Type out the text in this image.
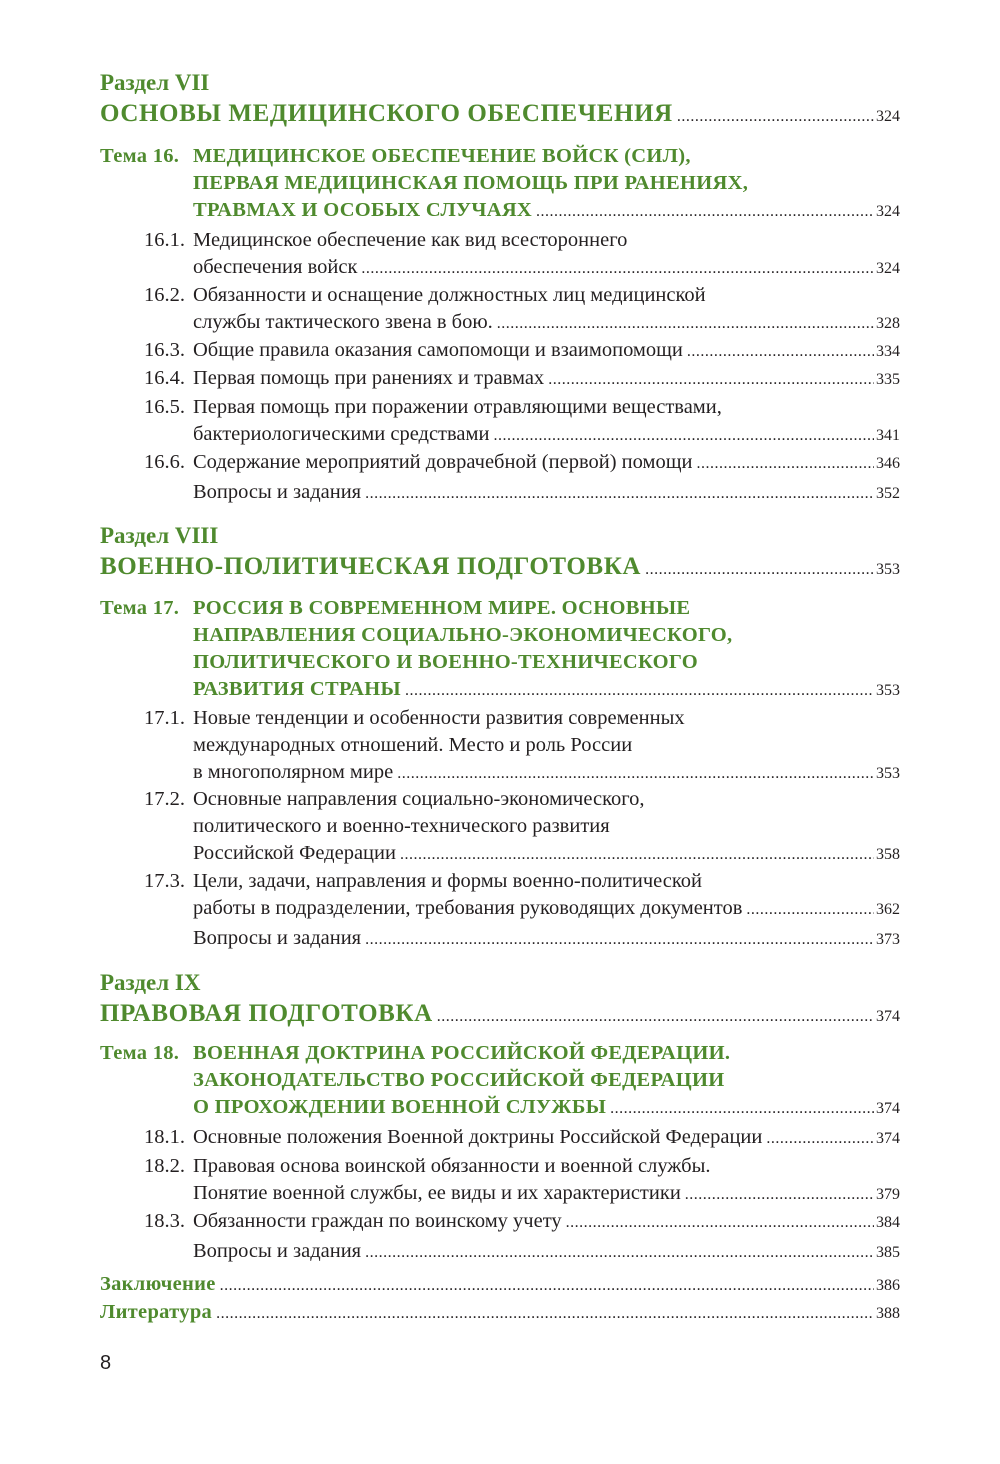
Раздел VII
ОСНОВЫ МЕДИЦИНСКОГО ОБЕСПЕЧЕНИЯ .....	324
Тема 16. МЕДИЦИНСКОЕ ОБЕСПЕЧЕНИЕ ВОЙСК (СИЛ),
ПЕРВАЯ МЕДИЦИНСКАЯ ПОМОЩЬ ПРИ РАНЕНИЯХ,
ТРАВМАХ И ОСОБЫХ СЛУЧАЯХ .....	324
16.1. Медицинское обеспечение как вид всестороннего
обеспечения войск .....	324
16.2. Обязанности и оснащение должностных лиц медицинской
службы тактического звена в бою. .....	328
16.3. Общие правила оказания самопомощи и взаимопомощи .....	334
16.4. Первая помощь при ранениях и травмах .....	335
16.5. Первая помощь при поражении отравляющими веществами,
бактериологическими средствами .....	341
16.6. Содержание мероприятий доврачебной (первой) помощи .....	346
Вопросы и задания .....	352
Раздел VIII
ВОЕННО-ПОЛИТИЧЕСКАЯ ПОДГОТОВКА .....	353
Тема 17. РОССИЯ В СОВРЕМЕННОМ МИРЕ. ОСНОВНЫЕ
НАПРАВЛЕНИЯ СОЦИАЛЬНО-ЭКОНОМИЧЕСКОГО,
ПОЛИТИЧЕСКОГО И ВОЕННО-ТЕХНИЧЕСКОГО
РАЗВИТИЯ СТРАНЫ .....	353
17.1. Новые тенденции и особенности развития современных
международных отношений. Место и роль России
в многополярном мире .....	353
17.2. Основные направления социально-экономического,
политического и военно-технического развития
Российской Федерации .....	358
17.3. Цели, задачи, направления и формы военно-политической
работы в подразделении, требования руководящих документов .....	362
Вопросы и задания .....	373
Раздел IX
ПРАВОВАЯ ПОДГОТОВКА .....	374
Тема 18. ВОЕННАЯ ДОКТРИНА РОССИЙСКОЙ ФЕДЕРАЦИИ.
ЗАКОНОДАТЕЛЬСТВО РОССИЙСКОЙ ФЕДЕРАЦИИ
О ПРОХОЖДЕНИИ ВОЕННОЙ СЛУЖБЫ .....	374
18.1. Основные положения Военной доктрины Российской Федерации .....	374
18.2. Правовая основа воинской обязанности и военной службы.
Понятие военной службы, ее виды и их характеристики .....	379
18.3. Обязанности граждан по воинскому учету .....	384
Вопросы и задания .....	385
Заключение .....	386
Литература .....	388
8
